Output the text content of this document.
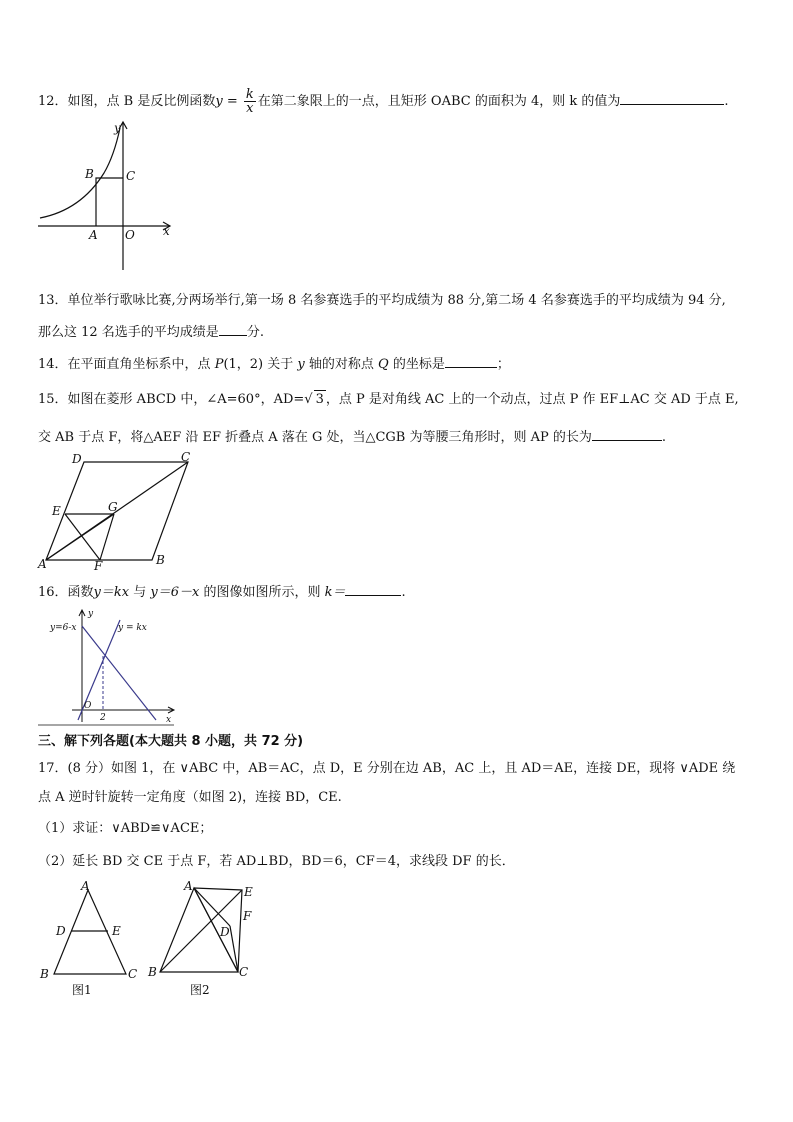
12．如图，点 B 是反比例函数$y = \frac{k}{x}$ 在第二象限上的一点，且矩形 OABC 的面积为 4，则 k 的值为	.
y
x
B	C
A O
13．单位举行歌咏比赛,分两场举行,第一场 8 名参赛选手的平均成绩为 88 分,第二场 4 名参赛选手的平均成绩为 94 分,
那么这 12 名选手的平均成绩是 分.
14．在平面直角坐标系中，点 P(1，2) 关于 y 轴的对称点 Q 的坐标是	；
15．如图在菱形 ABCD 中，∠A=60°，AD=√ 3 ，点 P 是对角线 AC 上的一个动点，过点 P 作 EF⊥AC 交 AD 于点 E,
交 AB 于点 F，将△AEF 沿 EF 折叠点 A 落在 G 处，当△CGB 为等腰三角形时，则 AP 的长为	.
D	C
E	G
A	F	B
16．函数y＝kx 与 y＝6－x 的图像如图所示，则 k＝	.
y
x
y=6-x	y = kx
O
2
三、解下列各题(本大题共 8 小题，共 72 分)
17．(8 分）如图 1，在 ∨ABC 中，AB＝AC，点 D，E 分别在边 AB，AC 上，且 AD＝AE，连接 DE，现将 ∨ADE 绕
点 A 逆时针旋转一定角度（如图 2)，连接 BD，CE.
（1）求证：∨ABD≌∨ACE；
（2）延长 BD 交 CE 于点 F，若 AD⊥BD，BD＝6，CF＝4，求线段 DF 的长．
A
D	E
B	C
图1
A	E
F
D
B	C
图2
